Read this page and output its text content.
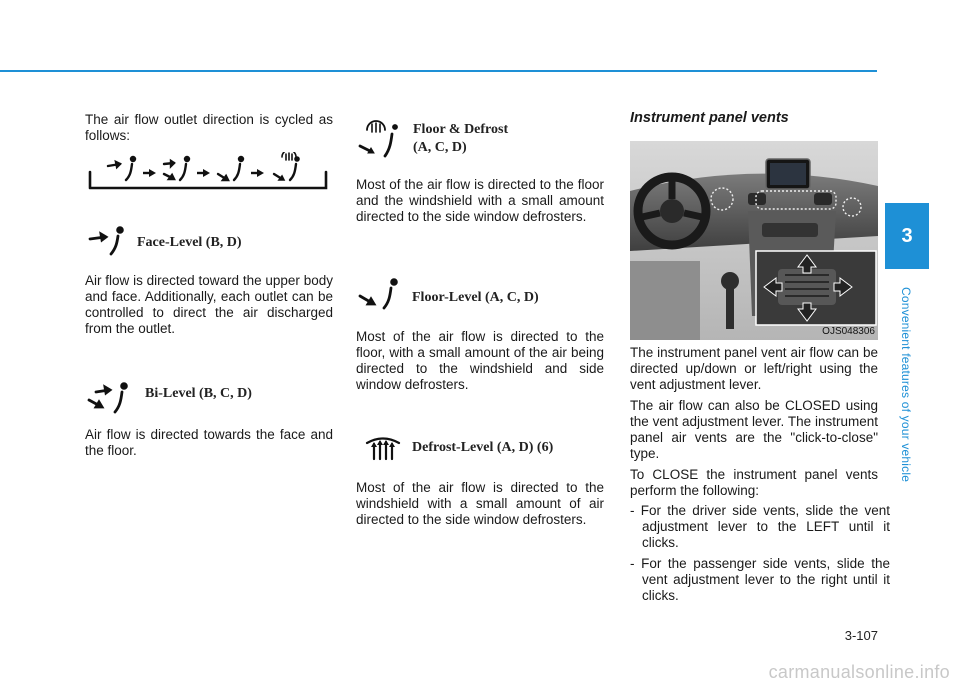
3
Convenient features of your vehicle

The air flow outlet direction is cycled as follows:

Face-Level (B, D)

Air flow is directed toward the upper body and face. Additionally, each outlet can be controlled to direct the air discharged from the outlet.

Bi-Level (B, C, D)

Air flow is directed towards the face and the floor.

Floor & Defrost
(A, C, D)

Most of the air flow is directed to the floor and the windshield with a small amount directed to the side window defrosters.

Floor-Level (A, C, D)

Most of the air flow is directed to the floor, with a small amount of the air being directed to the windshield and side window defrosters.

Defrost-Level (A, D) (6)

Most of the air flow is directed to the windshield with a small amount of air directed to the side window defrosters.

Instrument panel vents
OJS048306

The instrument panel vent air flow can be directed up/down or left/right using the vent adjustment lever.

The air flow can also be CLOSED using the vent adjustment lever. The instrument panel air vents are the "click-to-close" type.

To CLOSE the instrument panel vents perform the following:

- For the driver side vents, slide the vent adjustment lever to the LEFT until it clicks.

- For the passenger side vents, slide the vent adjustment lever to the right until it clicks.

3-107
carmanualsonline.info
